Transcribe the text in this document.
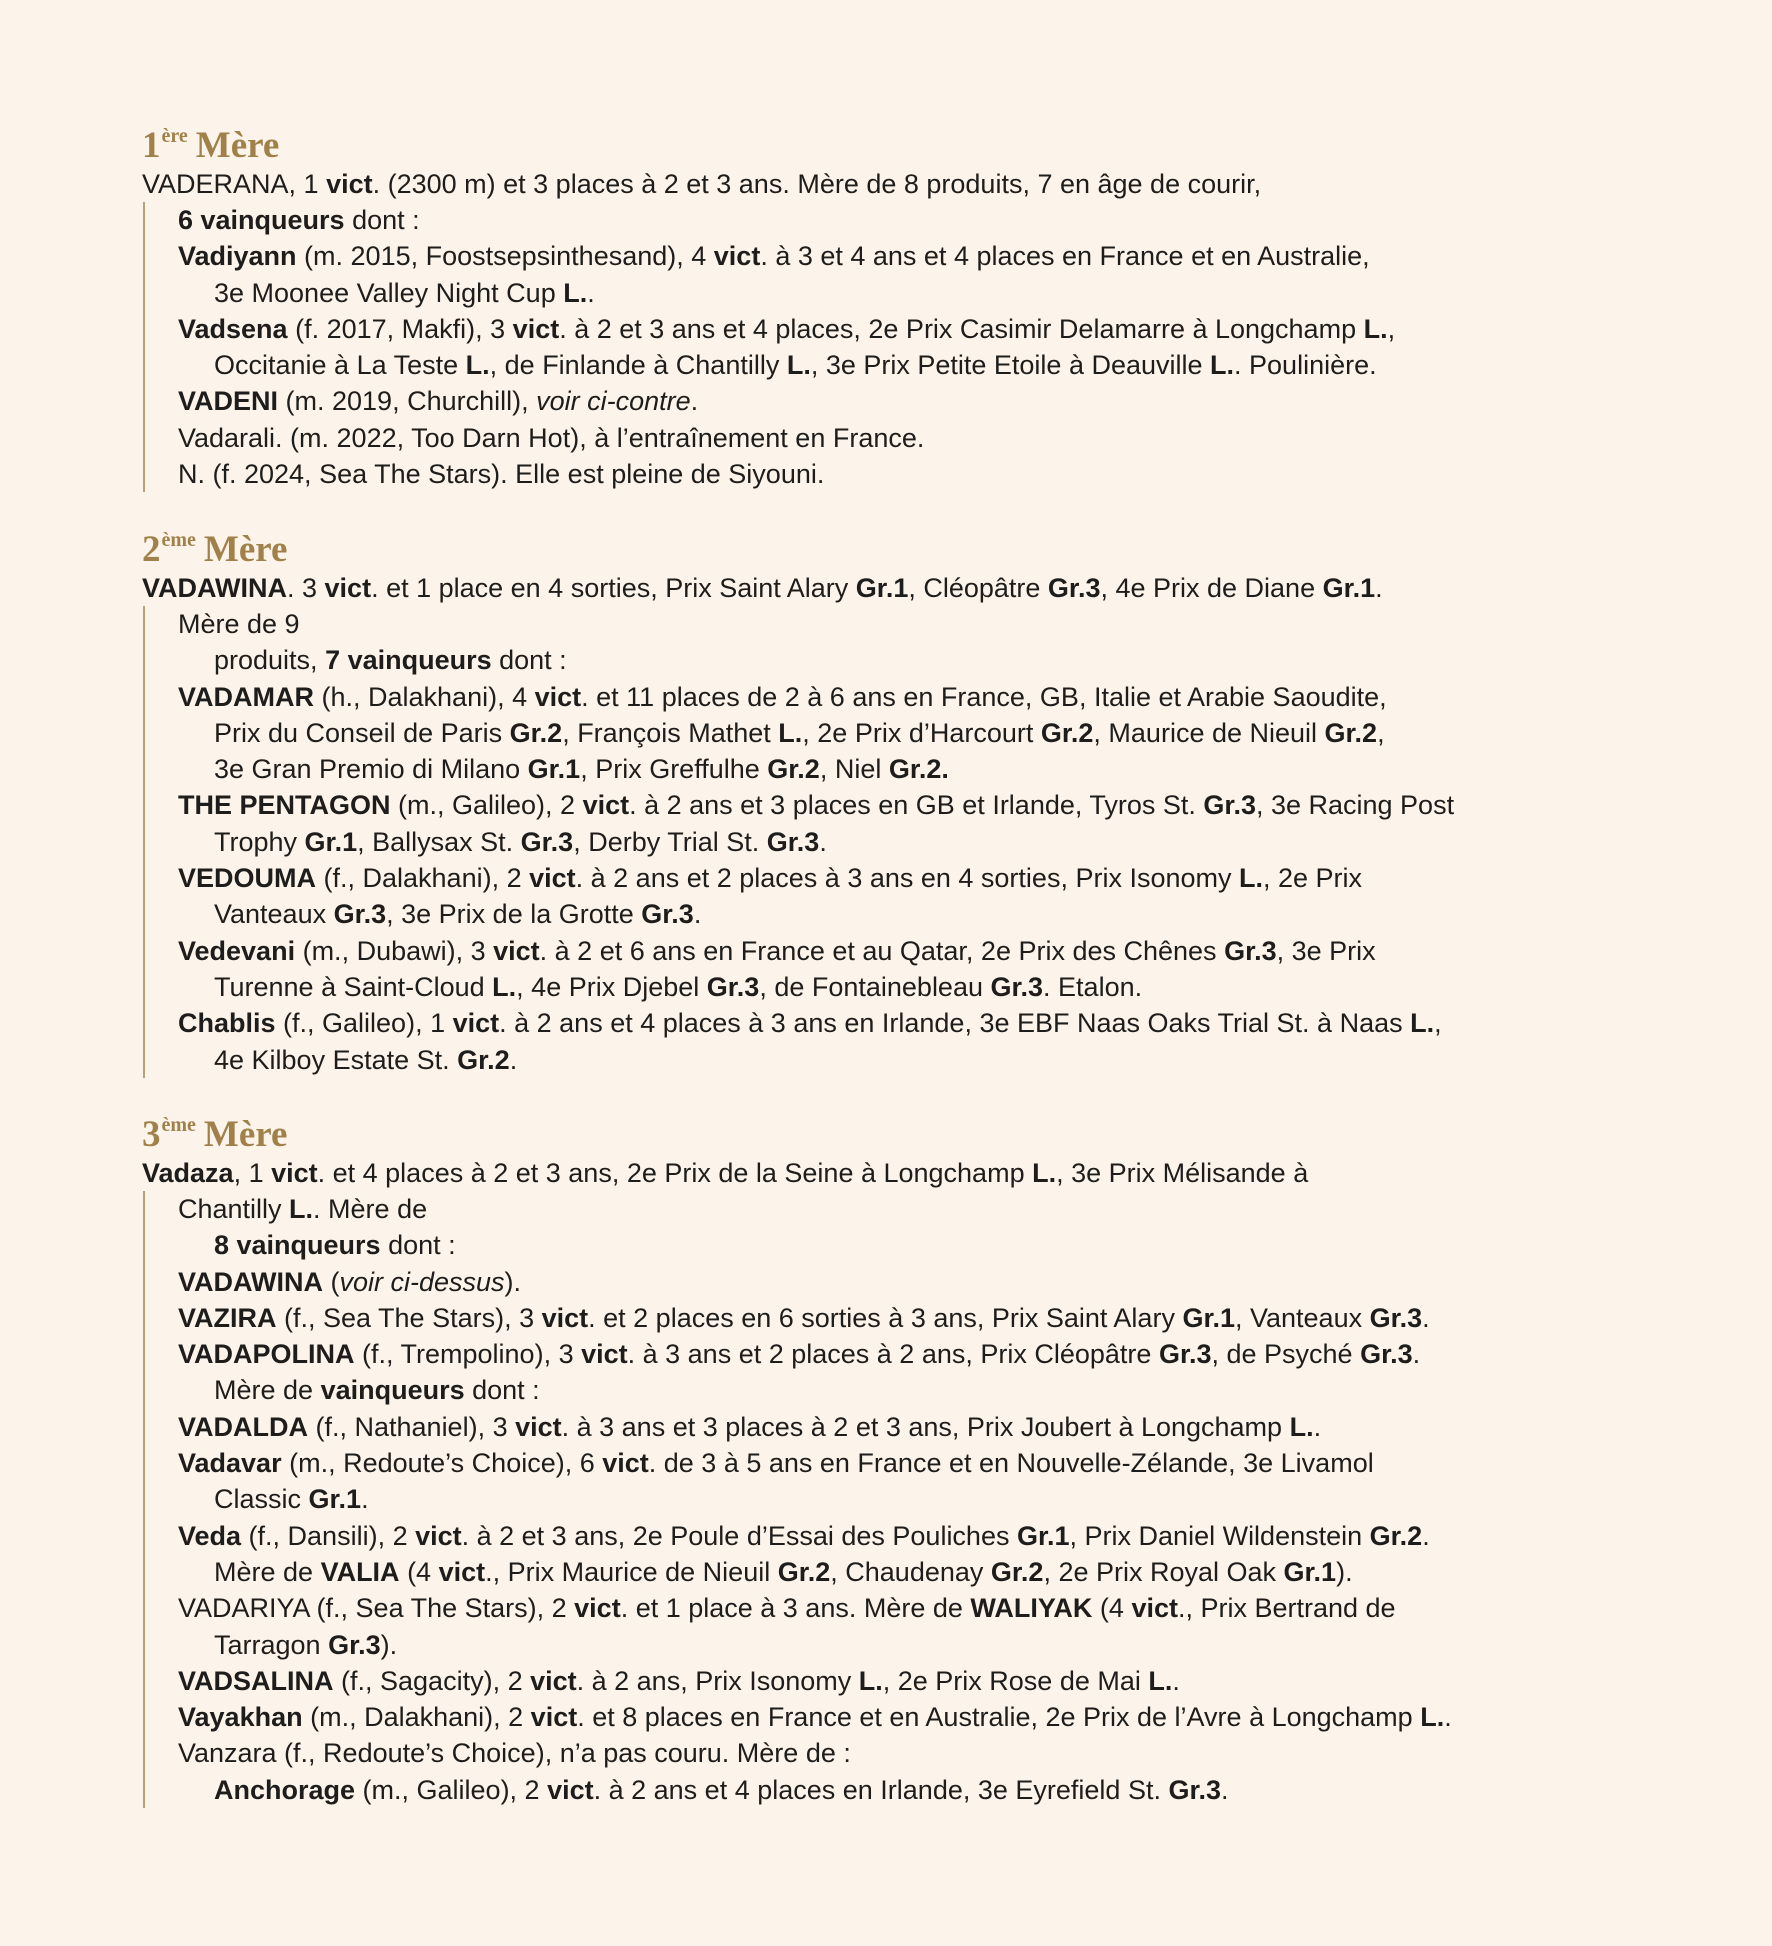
1ère Mère
VADERANA, 1 vict. (2300 m) et 3 places à 2 et 3 ans. Mère de 8 produits, 7 en âge de courir,
6 vainqueurs dont :
Vadiyann (m. 2015, Foostsepsinthesand), 4 vict. à 3 et 4 ans et 4 places en France et en Australie,
3e Moonee Valley Night Cup L..
Vadsena (f. 2017, Makfi), 3 vict. à 2 et 3 ans et 4 places, 2e Prix Casimir Delamarre à Longchamp L.,
Occitanie à La Teste L., de Finlande à Chantilly L., 3e Prix Petite Etoile à Deauville L.. Poulinière.
VADENI (m. 2019, Churchill), voir ci-contre.
Vadarali. (m. 2022, Too Darn Hot), à l’entraînement en France.
N. (f. 2024, Sea The Stars). Elle est pleine de Siyouni.
2ème Mère
VADAWINA. 3 vict. et 1 place en 4 sorties, Prix Saint Alary Gr.1, Cléopâtre Gr.3, 4e Prix de Diane Gr.1.
Mère de 9
produits, 7 vainqueurs dont :
VADAMAR (h., Dalakhani), 4 vict. et 11 places de 2 à 6 ans en France, GB, Italie et Arabie Saoudite,
Prix du Conseil de Paris Gr.2, François Mathet L., 2e Prix d’Harcourt Gr.2, Maurice de Nieuil Gr.2,
3e Gran Premio di Milano Gr.1, Prix Greffulhe Gr.2, Niel Gr.2.
THE PENTAGON (m., Galileo), 2 vict. à 2 ans et 3 places en GB et Irlande, Tyros St. Gr.3, 3e Racing Post
Trophy Gr.1, Ballysax St. Gr.3, Derby Trial St. Gr.3.
VEDOUMA (f., Dalakhani), 2 vict. à 2 ans et 2 places à 3 ans en 4 sorties, Prix Isonomy L., 2e Prix
Vanteaux Gr.3, 3e Prix de la Grotte Gr.3.
Vedevani (m., Dubawi), 3 vict. à 2 et 6 ans en France et au Qatar, 2e Prix des Chênes Gr.3, 3e Prix
Turenne à Saint-Cloud L., 4e Prix Djebel Gr.3, de Fontainebleau Gr.3. Etalon.
Chablis (f., Galileo), 1 vict. à 2 ans et 4 places à 3 ans en Irlande, 3e EBF Naas Oaks Trial St. à Naas L.,
4e Kilboy Estate St. Gr.2.
3ème Mère
Vadaza, 1 vict. et 4 places à 2 et 3 ans, 2e Prix de la Seine à Longchamp L., 3e Prix Mélisande à
Chantilly L.. Mère de
8 vainqueurs dont :
VADAWINA (voir ci-dessus).
VAZIRA (f., Sea The Stars), 3 vict. et 2 places en 6 sorties à 3 ans, Prix Saint Alary Gr.1, Vanteaux Gr.3.
VADAPOLINA (f., Trempolino), 3 vict. à 3 ans et 2 places à 2 ans, Prix Cléopâtre Gr.3, de Psyché Gr.3.
Mère de vainqueurs dont :
VADALDA (f., Nathaniel), 3 vict. à 3 ans et 3 places à 2 et 3 ans, Prix Joubert à Longchamp L..
Vadavar (m., Redoute’s Choice), 6 vict. de 3 à 5 ans en France et en Nouvelle-Zélande, 3e Livamol
Classic Gr.1.
Veda (f., Dansili), 2 vict. à 2 et 3 ans, 2e Poule d’Essai des Pouliches Gr.1, Prix Daniel Wildenstein Gr.2.
Mère de VALIA (4 vict., Prix Maurice de Nieuil Gr.2, Chaudenay Gr.2, 2e Prix Royal Oak Gr.1).
VADARIYA (f., Sea The Stars), 2 vict. et 1 place à 3 ans. Mère de WALIYAK (4 vict., Prix Bertrand de
Tarragon Gr.3).
VADSALINA (f., Sagacity), 2 vict. à 2 ans, Prix Isonomy L., 2e Prix Rose de Mai L..
Vayakhan (m., Dalakhani), 2 vict. et 8 places en France et en Australie, 2e Prix de l’Avre à Longchamp L..
Vanzara (f., Redoute’s Choice), n’a pas couru. Mère de :
Anchorage (m., Galileo), 2 vict. à 2 ans et 4 places en Irlande, 3e Eyrefield St. Gr.3.
